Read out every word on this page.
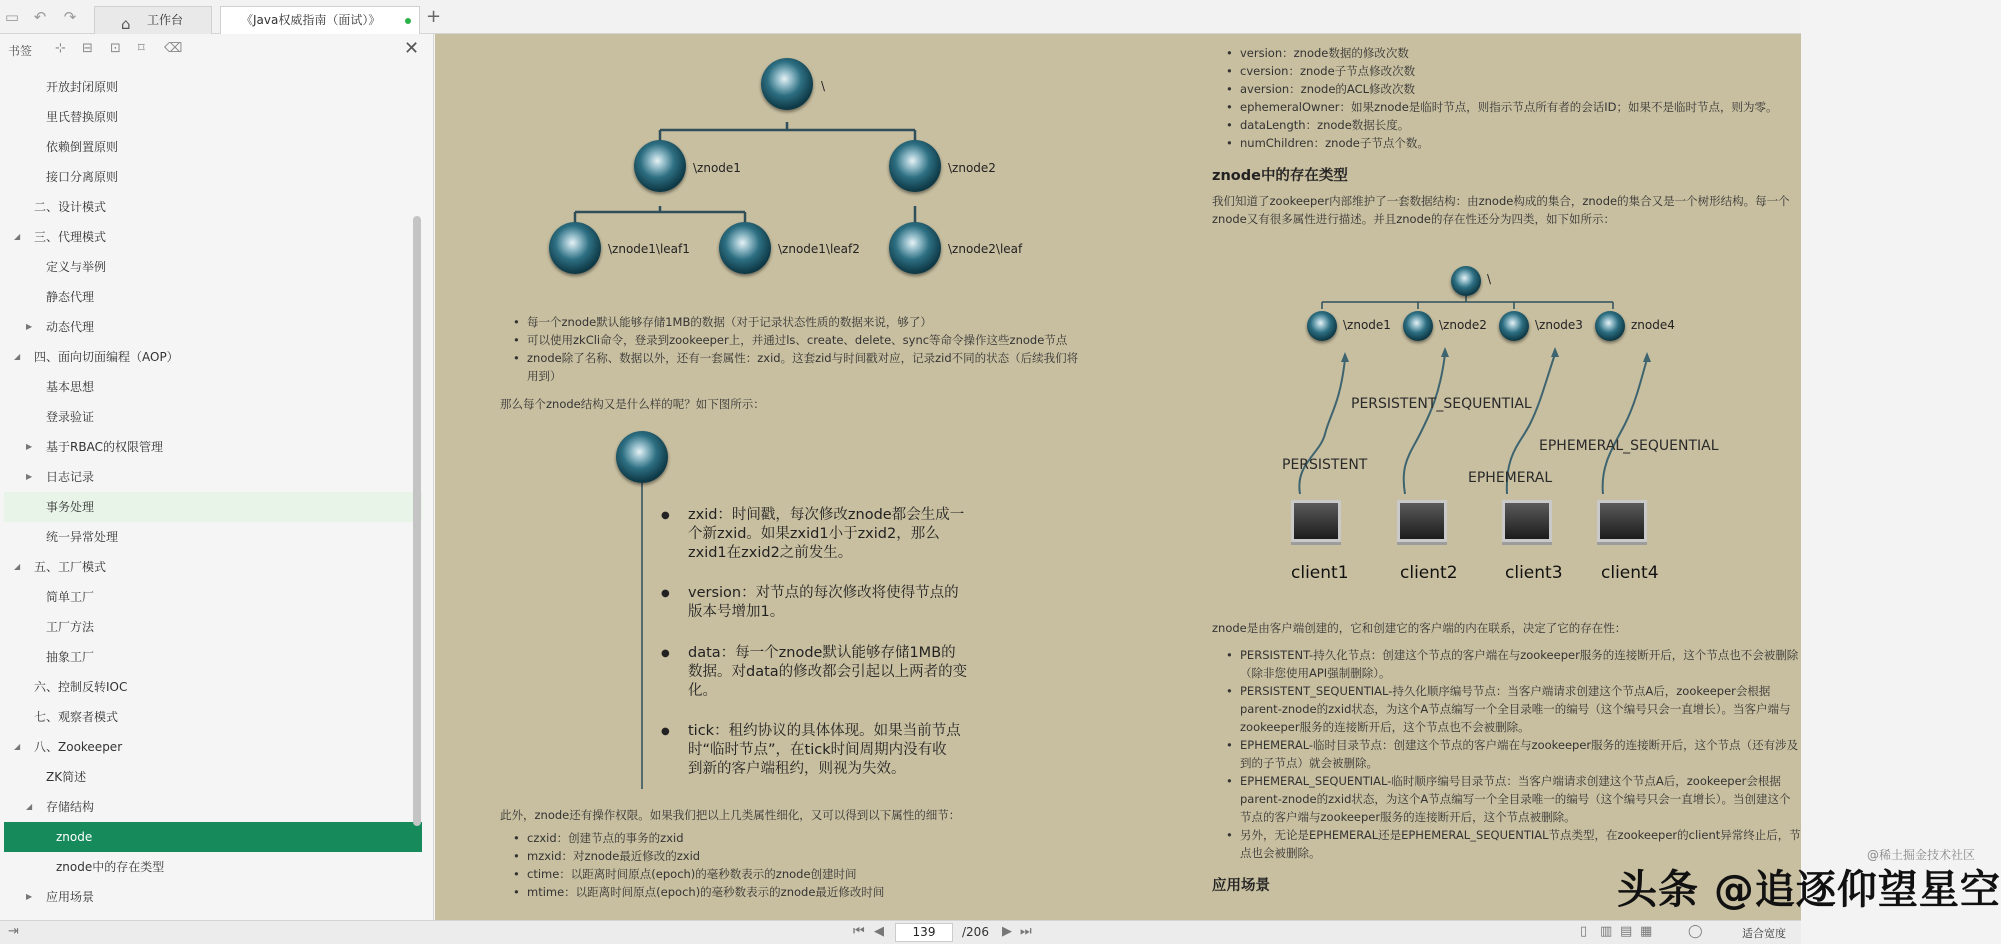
▭ ↶ ↷	⌂ 工作台	《Java权威指南（面试）》	+
书签 ⊹ ⊟ ⊡ ⌑ ⌫	✕
开放封闭原则
里氏替换原则
依赖倒置原则
接口分离原则
二、设计模式
◢ 三、代理模式
定义与举例
静态代理
▶ 动态代理
◢ 四、面向切面编程（AOP）
基本思想
登录验证
▶ 基于RBAC的权限管理
▶ 日志记录
事务处理
统一异常处理
◢ 五、工厂模式
简单工厂
工厂方法
抽象工厂
六、控制反转IOC
七、观察者模式
◢ 八、Zookeeper
ZK简述
◢ 存储结构
znode
znode中的存在类型
▶ 应用场景
\
\znode1	\znode2
\znode1\leaf1	\znode1\leaf2	\znode2\leaf
• 每一个znode默认能够存储1MB的数据（对于记录状态性质的数据来说，够了）
• 可以使用zkCli命令，登录到zookeeper上，并通过ls、create、delete、sync等命令操作这些znode节点
• znode除了名称、数据以外，还有一套属性：zxid。这套zid与时间戳对应，记录zid不同的状态（后续我们将
用到）
那么每个znode结构又是什么样的呢？如下图所示：
● zxid：时间戳，每次修改znode都会生成一
个新zxid。如果zxid1小于zxid2，那么
zxid1在zxid2之前发生。
● version：对节点的每次修改将使得节点的
版本号增加1。
● data：每一个znode默认能够存储1MB的
数据。对data的修改都会引起以上两者的变
化。
● tick：租约协议的具体体现。如果当前节点
时“临时节点”，在tick时间周期内没有收
到新的客户端租约，则视为失效。
此外，znode还有操作权限。如果我们把以上几类属性细化，又可以得到以下属性的细节：
• czxid：创建节点的事务的zxid
• mzxid：对znode最近修改的zxid
• ctime：以距离时间原点(epoch)的毫秒数表示的znode创建时间
• mtime：以距离时间原点(epoch)的毫秒数表示的znode最近修改时间
• version：znode数据的修改次数
• cversion：znode子节点修改次数
• aversion：znode的ACL修改次数
• ephemeralOwner：如果znode是临时节点，则指示节点所有者的会话ID；如果不是临时节点，则为零。
• dataLength：znode数据长度。
• numChildren：znode子节点个数。
znode中的存在类型
我们知道了zookeeper内部维护了一套数据结构：由znode构成的集合，znode的集合又是一个树形结构。每一个
znode又有很多属性进行描述。并且znode的存在性还分为四类，如下如所示：
\
\znode1	\znode2	\znode3	znode4
PERSISTENT
PERSISTENT_SEQUENTIAL
EPHEMERAL
EPHEMERAL_SEQUENTIAL
client1	client2	client3 client4
znode是由客户端创建的，它和创建它的客户端的内在联系，决定了它的存在性：
• PERSISTENT-持久化节点：创建这个节点的客户端在与zookeeper服务的连接断开后，这个节点也不会被删除
（除非您使用API强制删除）。
• PERSISTENT_SEQUENTIAL-持久化顺序编号节点：当客户端请求创建这个节点A后，zookeeper会根据
parent-znode的zxid状态，为这个A节点编写一个全目录唯一的编号（这个编号只会一直增长）。当客户端与
zookeeper服务的连接断开后，这个节点也不会被删除。
• EPHEMERAL-临时目录节点：创建这个节点的客户端在与zookeeper服务的连接断开后，这个节点（还有涉及
到的子节点）就会被删除。
• EPHEMERAL_SEQUENTIAL-临时顺序编号目录节点：当客户端请求创建这个节点A后，zookeeper会根据
parent-znode的zxid状态，为这个A节点编写一个全目录唯一的编号（这个编号只会一直增长）。当创建这个
节点的客户端与zookeeper服务的连接断开后，这个节点被删除。
• 另外，无论是EPHEMERAL还是EPHEMERAL_SEQUENTIAL节点类型，在zookeeper的client异常终止后，节
点也会被删除。
应用场景	头条 @追逐仰望星空
@稀土掘金技术社区
⇥	⏮ ◀	139	/206 ▶ ⏭	▯ ▥ ▤ ▦	◯	适合宽度
